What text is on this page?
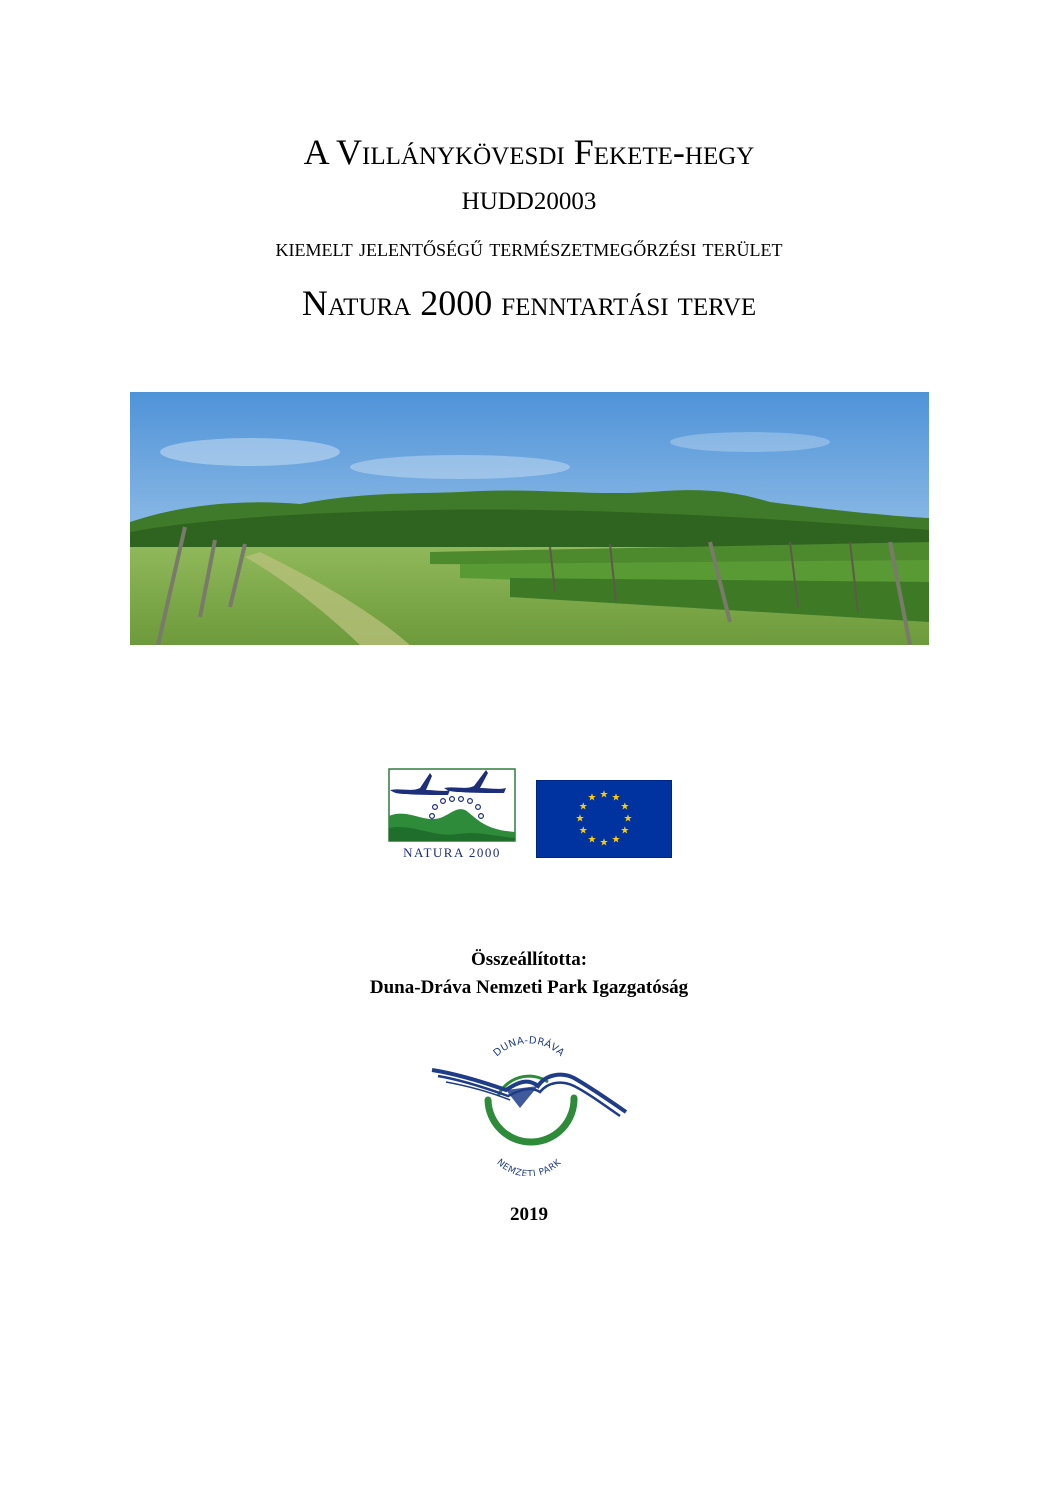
A Villánykövesdi Fekete-hegy
HUDD20003
kiemelt jelentőségű természetmegőrzési terület
Natura 2000 fenntartási terve
NATURA 2000
★ ★
★
★
★
★
★
★
★
★
★
★
Összeállította:
Duna-Dráva Nemzeti Park Igazgatóság
DUNA-DRÁVA
NEMZETI PARK
2019
